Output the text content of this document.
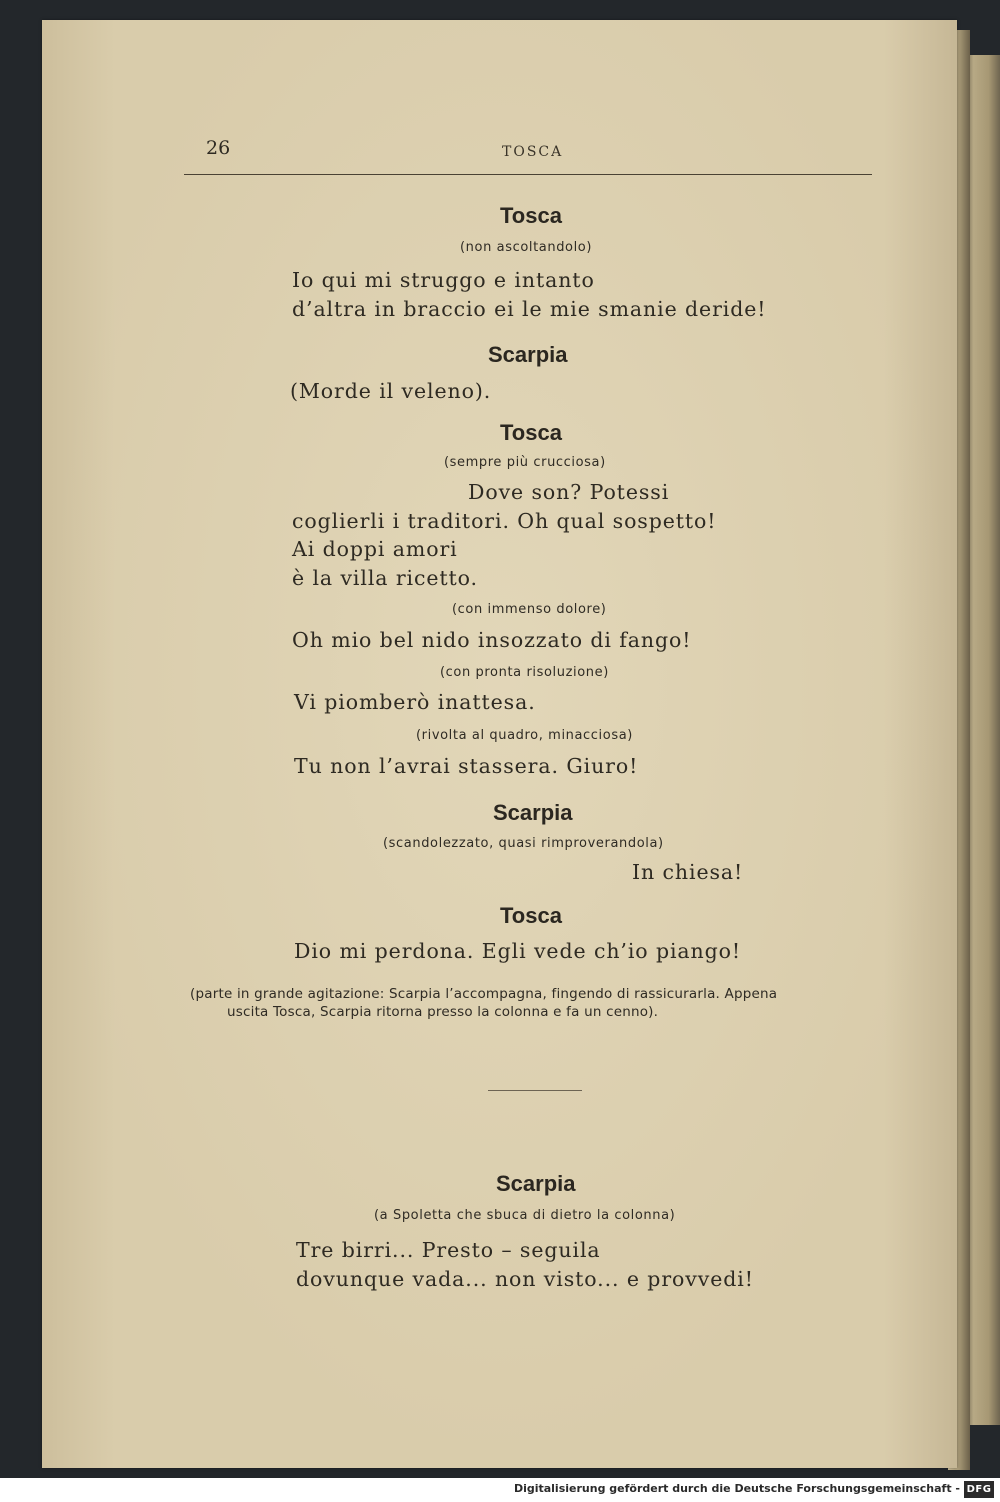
26	TOSCA
Tosca
(non ascoltandolo)
Io qui mi struggo e intanto
d’altra in braccio ei le mie smanie deride!
Scarpia
(Morde il veleno).
Tosca
(sempre più crucciosa)
Dove son? Potessi
coglierli i traditori. Oh qual sospetto!
Ai doppi amori
è la villa ricetto.
(con immenso dolore)
Oh mio bel nido insozzato di fango!
(con pronta risoluzione)
Vi piomberò inattesa.
(rivolta al quadro, minacciosa)
Tu non l’avrai stassera. Giuro!
Scarpia
(scandolezzato, quasi rimproverandola)
In chiesa!
Tosca
Dio mi perdona. Egli vede ch’io piango!
(parte in grande agitazione: Scarpia l’accompagna, fingendo di rassicurarla. Appena
uscita Tosca, Scarpia ritorna presso la colonna e fa un cenno).
Scarpia
(a Spoletta che sbuca di dietro la colonna)
Tre birri... Presto – seguila
dovunque vada... non visto... e provvedi!
Digitalisierung gefördert durch die Deutsche Forschungsgemeinschaft - DFG
